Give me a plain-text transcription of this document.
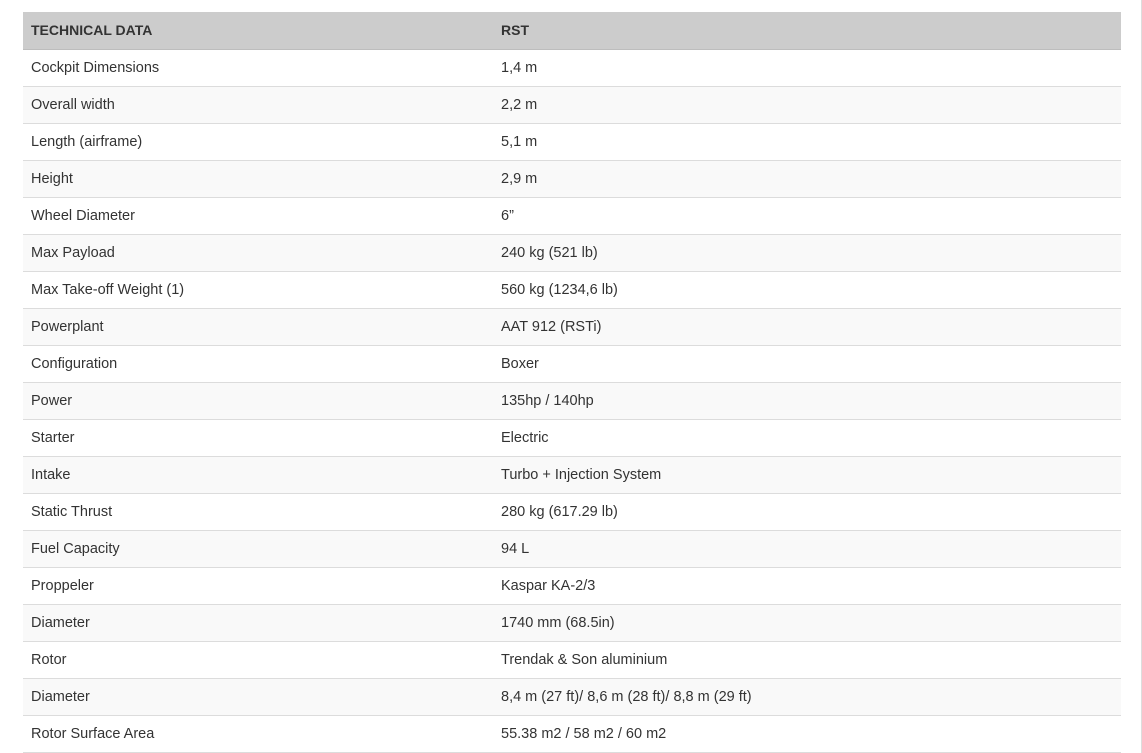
TECHNICAL DATA	RST
Cockpit Dimensions	1,4 m
Overall width	2,2 m
Length (airframe)	5,1 m
Height	2,9 m
Wheel Diameter	6”
Max Payload	240 kg (521 lb)
Max Take-off Weight (1)	560 kg (1234,6 lb)
Powerplant	AAT 912 (RSTi)
Configuration	Boxer
Power	135hp / 140hp
Starter	Electric
Intake	Turbo + Injection System
Static Thrust	280 kg (617.29 lb)
Fuel Capacity	94 L
Proppeler	Kaspar KA-2/3
Diameter	1740 mm (68.5in)
Rotor	Trendak & Son aluminium
Diameter	8,4 m (27 ft)/ 8,6 m (28 ft)/ 8,8 m (29 ft)
Rotor Surface Area	55.38 m2 / 58 m2 / 60 m2
